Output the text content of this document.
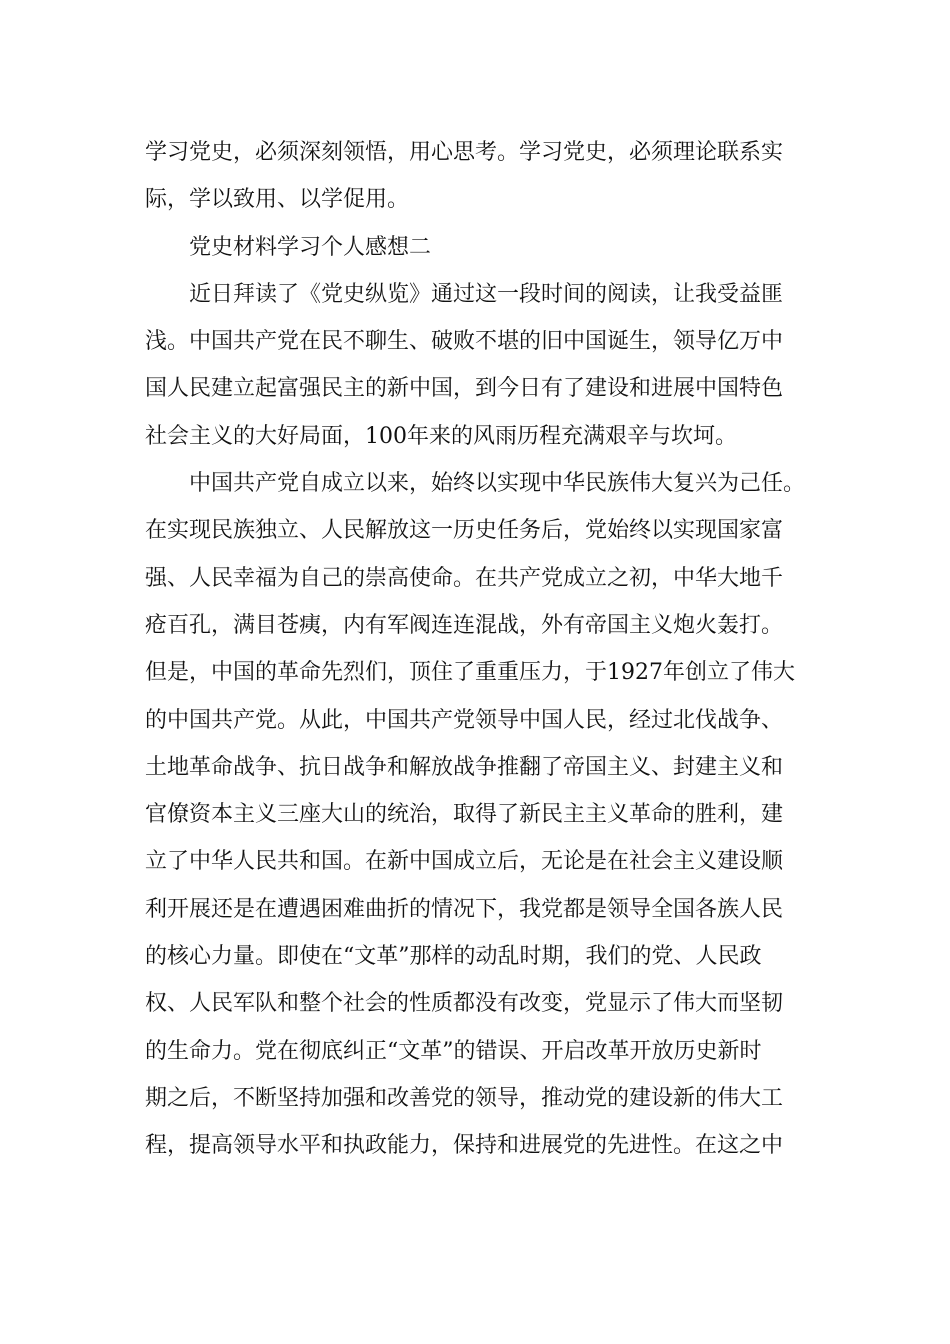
学习党史，必须深刻领悟，用心思考。学习党史，必须理论联系实
际，学以致用、以学促用。
党史材料学习个人感想二
近日拜读了《党史纵览》通过这一段时间的阅读，让我受益匪
浅。中国共产党在民不聊生、破败不堪的旧中国诞生，领导亿万中
国人民建立起富强民主的新中国，到今日有了建设和进展中国特色
社会主义的大好局面，100年来的风雨历程充满艰辛与坎坷。
中国共产党自成立以来，始终以实现中华民族伟大复兴为己任。
在实现民族独立、人民解放这一历史任务后，党始终以实现国家富
强、人民幸福为自己的崇高使命。在共产党成立之初，中华大地千
疮百孔，满目苍痍，内有军阀连连混战，外有帝国主义炮火轰打。
但是，中国的革命先烈们，顶住了重重压力，于1927年创立了伟大
的中国共产党。从此，中国共产党领导中国人民，经过北伐战争、
土地革命战争、抗日战争和解放战争推翻了帝国主义、封建主义和
官僚资本主义三座大山的统治，取得了新民主主义革命的胜利，建
立了中华人民共和国。在新中国成立后，无论是在社会主义建设顺
利开展还是在遭遇困难曲折的情况下，我党都是领导全国各族人民
的核心力量。即使在“文革”那样的动乱时期，我们的党、人民政
权、人民军队和整个社会的性质都没有改变，党显示了伟大而坚韧
的生命力。党在彻底纠正“文革”的错误、开启改革开放历史新时
期之后，不断坚持加强和改善党的领导，推动党的建设新的伟大工
程，提高领导水平和执政能力，保持和进展党的先进性。在这之中
